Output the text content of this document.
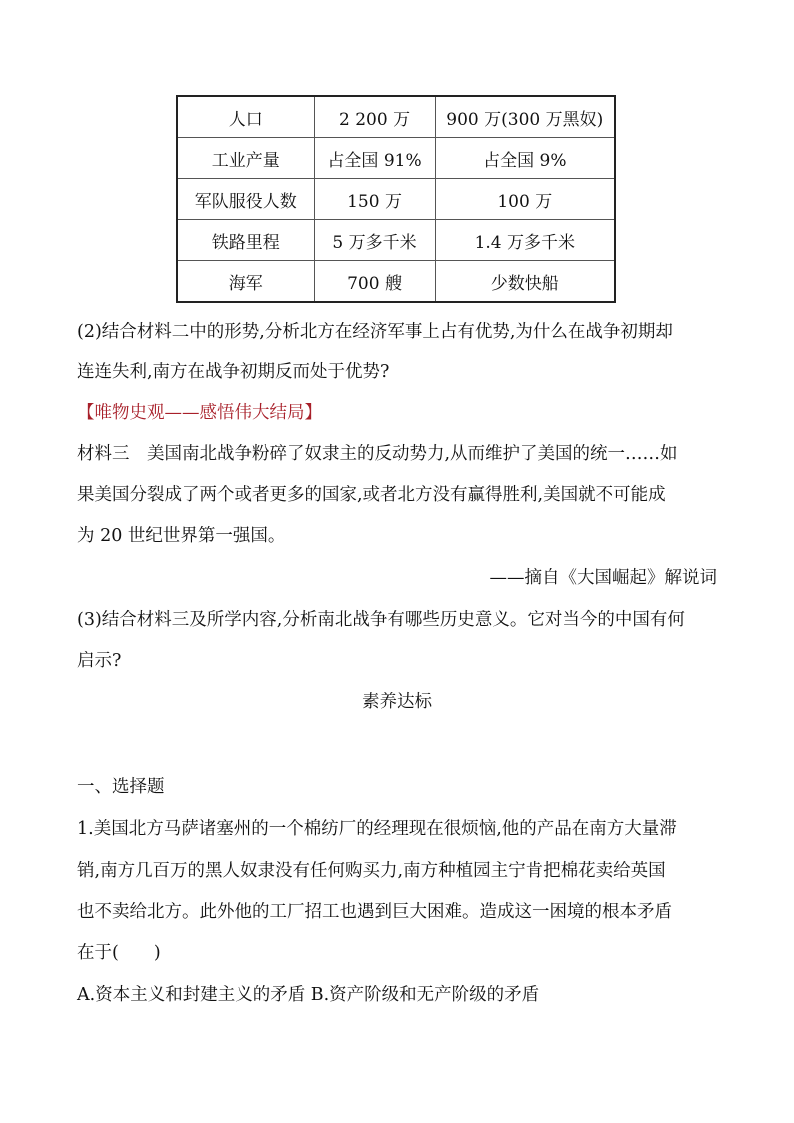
人口	2 200 万	900 万(300 万黑奴)
工业产量	占全国 91%	占全国 9%
军队服役人数	150 万	100 万
铁路里程	5 万多千米	1.4 万多千米
海军	700 艘	少数快船
(2)结合材料二中的形势,分析北方在经济军事上占有优势,为什么在战争初期却
连连失利,南方在战争初期反而处于优势?
【唯物史观——感悟伟大结局】
材料三　美国南北战争粉碎了奴隶主的反动势力,从而维护了美国的统一……如
果美国分裂成了两个或者更多的国家,或者北方没有赢得胜利,美国就不可能成
为 20 世纪世界第一强国。
——摘自《大国崛起》解说词
(3)结合材料三及所学内容,分析南北战争有哪些历史意义。它对当今的中国有何
启示?
素养达标
一、选择题
1.美国北方马萨诸塞州的一个棉纺厂的经理现在很烦恼,他的产品在南方大量滞
销,南方几百万的黑人奴隶没有任何购买力,南方种植园主宁肯把棉花卖给英国
也不卖给北方。此外他的工厂招工也遇到巨大困难。造成这一困境的根本矛盾
在于(　　)
A.资本主义和封建主义的矛盾 B.资产阶级和无产阶级的矛盾
